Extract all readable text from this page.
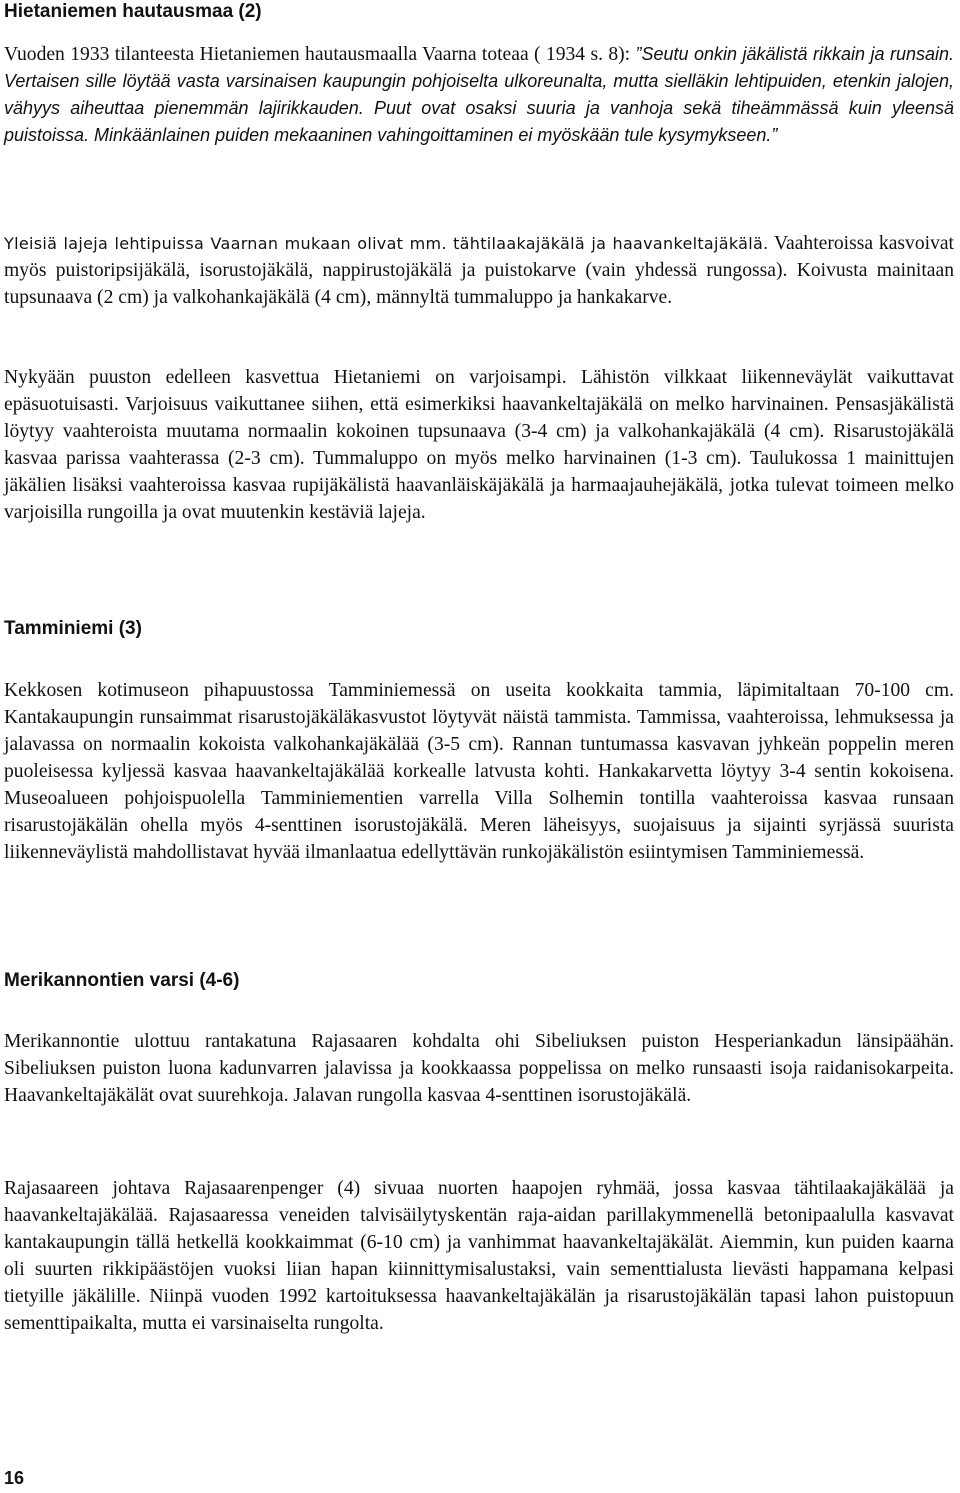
Hietaniemen hautausmaa (2)

Vuoden 1933 tilanteesta Hietaniemen hautausmaalla Vaarna toteaa ( 1934 s. 8): ”Seutu onkin jäkälistä rikkain ja runsain. Vertaisen sille löytää vasta varsinaisen kaupungin pohjoiselta ulkoreunalta, mutta sielläkin lehtipuiden, etenkin jalojen, vähyys aiheuttaa pienemmän lajirikkauden. Puut ovat osaksi suuria ja vanhoja sekä tiheämmässä kuin yleensä puistoissa. Minkäänlainen puiden mekaaninen vahingoittaminen ei myöskään tule kysymykseen.”

Yleisiä lajeja lehtipuissa Vaarnan mukaan olivat mm. tähtilaakajäkälä ja haavankeltajäkälä. Vaahteroissa kasvoivat myös puistoripsijäkälä, isorustojäkälä, nappirustojäkälä ja puistokarve (vain yhdessä rungossa). Koivusta mainitaan tupsunaava (2 cm) ja valkohankajäkälä (4 cm), männyltä tummaluppo ja hankakarve.

Nykyään puuston edelleen kasvettua Hietaniemi on varjoisampi. Lähistön vilkkaat liikenneväylät vaikuttavat epäsuotuisasti. Varjoisuus vaikuttanee siihen, että esimerkiksi haavankeltajäkälä on melko harvinainen. Pensasjäkälistä löytyy vaahteroista muutama normaalin kokoinen tupsunaava (3-4 cm) ja valkohankajäkälä (4 cm). Risarustojäkälä kasvaa parissa vaahterassa (2-3 cm). Tummaluppo on myös melko harvinainen (1-3 cm). Taulukossa 1 mainittujen jäkälien lisäksi vaahteroissa kasvaa rupijäkälistä haavanläiskäjäkälä ja harmaajauhejäkälä, jotka tulevat toimeen melko varjoisilla rungoilla ja ovat muutenkin kestäviä lajeja.

Tamminiemi (3)

Kekkosen kotimuseon pihapuustossa Tamminiemessä on useita kookkaita tammia, läpimitaltaan 70-100 cm. Kantakaupungin runsaimmat risarustojäkäläkasvustot löytyvät näistä tammista. Tammissa, vaahteroissa, lehmuksessa ja jalavassa on normaalin kokoista valkohankajäkälää (3-5 cm). Rannan tuntumassa kasvavan jyhkeän poppelin meren puoleisessa kyljessä kasvaa haavankeltajäkälää korkealle latvusta kohti. Hankakarvetta löytyy 3-4 sentin kokoisena. Museoalueen pohjoispuolella Tamminiementien varrella Villa Solhemin tontilla vaahteroissa kasvaa runsaan risarustojäkälän ohella myös 4-senttinen isorustojäkälä. Meren läheisyys, suojaisuus ja sijainti syrjässä suurista liikenneväylistä mahdollistavat hyvää ilmanlaatua edellyttävän runkojäkälistön esiintymisen Tamminiemessä.

Merikannontien varsi (4-6)

Merikannontie ulottuu rantakatuna Rajasaaren kohdalta ohi Sibeliuksen puiston Hesperiankadun länsipäähän. Sibeliuksen puiston luona kadunvarren jalavissa ja kookkaassa poppelissa on melko runsaasti isoja raidanisokarpeita. Haavankeltajäkälät ovat suurehkoja. Jalavan rungolla kasvaa 4-senttinen isorustojäkälä.

Rajasaareen johtava Rajasaarenpenger (4) sivuaa nuorten haapojen ryhmää, jossa kasvaa tähtilaakajäkälää ja haavankeltajäkälää. Rajasaaressa veneiden talvisäilytyskentän raja-aidan parillakymmenellä betonipaalulla kasvavat kantakaupungin tällä hetkellä kookkaimmat (6-10 cm) ja vanhimmat haavankeltajäkälät. Aiemmin, kun puiden kaarna oli suurten rikkipäästöjen vuoksi liian hapan kiinnittymisalustaksi, vain sementtialusta lievästi happamana kelpasi tietyille jäkälille. Niinpä vuoden 1992 kartoituksessa haavankeltajäkälän ja risarustojäkälän tapasi lahon puistopuun sementtipaikalta, mutta ei varsinaiselta rungolta.

16
